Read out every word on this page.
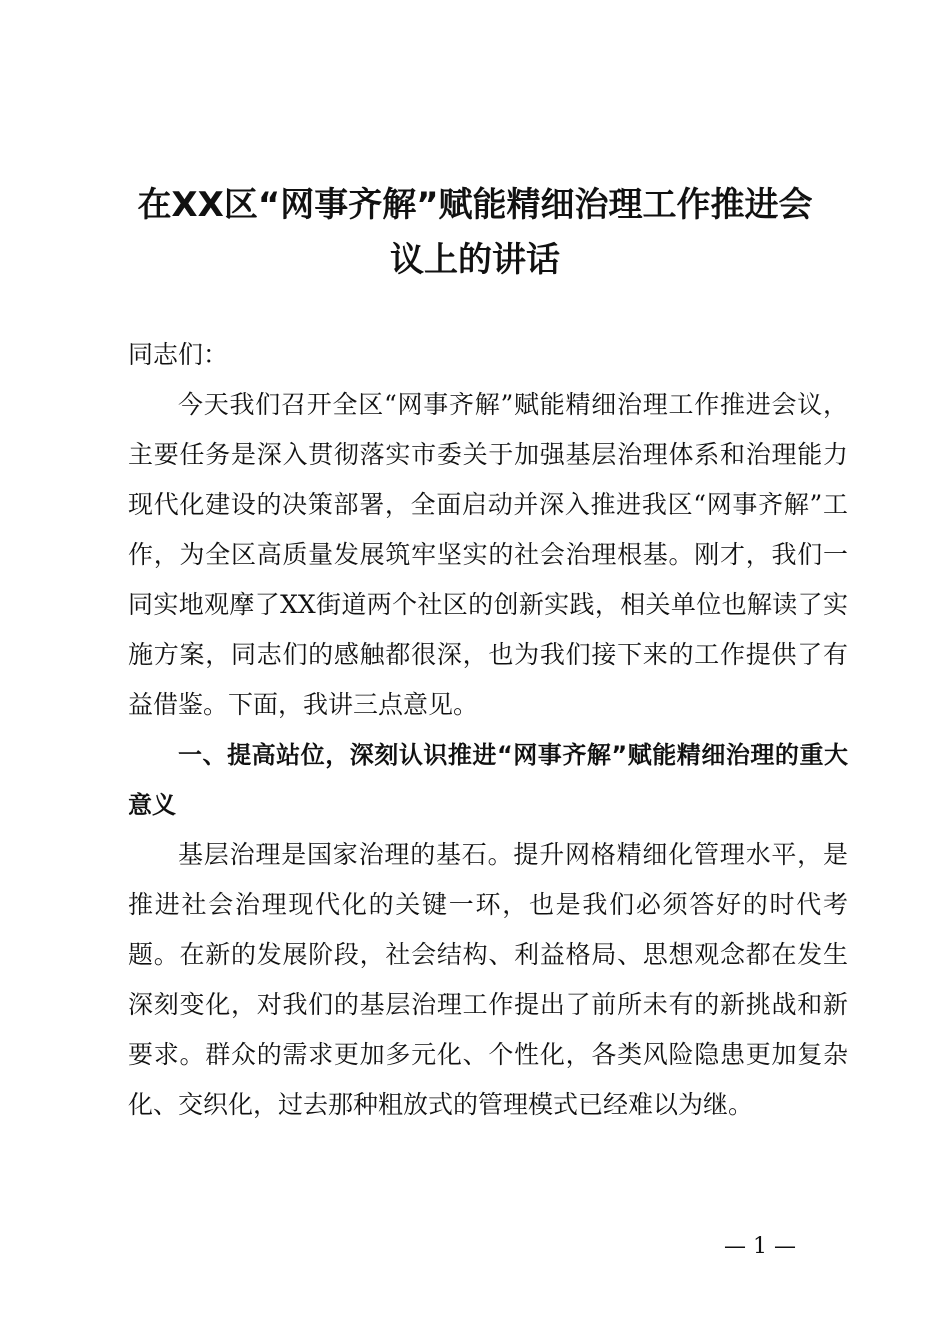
在XX区“网事齐解”赋能精细治理工作推进会
议上的讲话

同志们：

今天我们召开全区“网事齐解”赋能精细治理工作推进会议，主要任务是深入贯彻落实市委关于加强基层治理体系和治理能力现代化建设的决策部署，全面启动并深入推进我区“网事齐解”工作，为全区高质量发展筑牢坚实的社会治理根基。刚才，我们一同实地观摩了XX街道两个社区的创新实践，相关单位也解读了实施方案，同志们的感触都很深，也为我们接下来的工作提供了有益借鉴。下面，我讲三点意见。

一、提高站位，深刻认识推进“网事齐解”赋能精细治理的重大意义

基层治理是国家治理的基石。提升网格精细化管理水平，是推进社会治理现代化的关键一环，也是我们必须答好的时代考题。在新的发展阶段，社会结构、利益格局、思想观念都在发生深刻变化，对我们的基层治理工作提出了前所未有的新挑战和新要求。群众的需求更加多元化、个性化，各类风险隐患更加复杂化、交织化，过去那种粗放式的管理模式已经难以为继。

— 1 —
